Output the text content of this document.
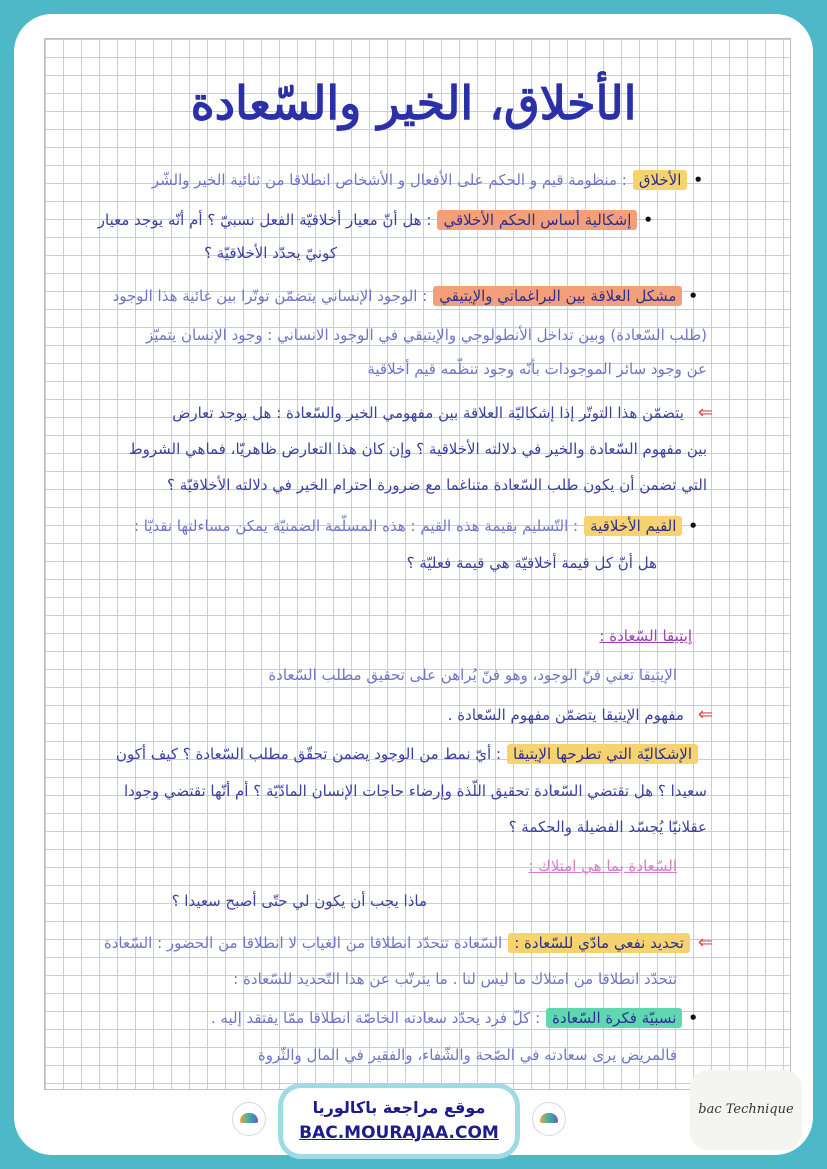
الأخلاق، الخير والسّعادة
•الأخلاق: منظومة قيم و الحكم على الأفعال و الأشخاص انطلاقا من ثنائية الخير والشّر
•إشكالية أساس الحكم الأخلاقي: هل أنّ معيار أخلاقيّة الفعل نسبيّ ؟ أم أنّه يوجد معيار
كونيّ يحدّد الأخلاقيّة ؟
•مشكل العلاقة بين البراغماتي والإيتيقي: الوجود الإنساني يتضمّن توتّرا بين غائية هذا الوجود
(طلب السّعادة) وبين تداخل الأنطولوجي والإيتيقي في الوجود الانساني : وجود الإنسان يتميّز
عن وجود سائر الموجودات بأنّه وجود تنظّمه قيم أخلاقية
⇐يتضمّن هذا التوتّر إذا إشكاليّة العلاقة بين مفهومي الخير والسّعادة : هل يوجد تعارض
بين مفهوم السّعادة والخير في دلالته الأخلاقية ؟ وإن كان هذا التعارض ظاهريّا، فماهي الشروط
التي تضمن أن يكون طلب السّعادة متناغما مع ضرورة احترام الخير في دلالته الأخلاقيّة ؟
•القيم الأخلاقية: التّسليم بقيمة هذه القيم : هذه المسلّمة الضمنيّة يمكن مساءلتها نقديّا :
هل أنّ كل قيمة أخلاقيّة هي قيمة فعليّة ؟
إيتيقا السّعادة :
الإيتيقا تعني فنّ الوجود، وهو فنّ يُراهن على تحقيق مطلب السّعادة
⇐مفهوم الإيتيقا يتضمّن مفهوم السّعادة .
الإشكاليّة التي تطرحها الإيتيقا: أيّ نمط من الوجود يضمن تحقّق مطلب السّعادة ؟ كيف أكون
سعيدا ؟ هل تقتضي السّعادة تحقيق اللّذة وإرضاء حاجات الإنسان المادّيّة ؟ أم أنّها تقتضي وجودا
عقلانيّا يُجسّد الفضيلة والحكمة ؟
السّعادة بما هي امتلاك :
ماذا يجب أن يكون لي حتّى أصبح سعيدا ؟
⇐تحديد نفعي مادّي للسّعادة :السّعادة تتحدّد انطلاقا من الغياب لا انطلاقا من الحضور : السّعادة
تتحدّد انطلاقا من امتلاك ما ليس لنا . ما يترتّب عن هذا التّحديد للسّعادة :
•نسبيّة فكرة السّعادة: كلّ فرد يحدّد سعادته الخاصّة انطلاقا ممّا يفتقد إليه .
فالمريض يرى سعادته في الصّحة والشّفاء، والفقير في المال والثّروة
موقع مراجعة باكالوريا
BAC.MOURAJAA.COM
bac Technique
